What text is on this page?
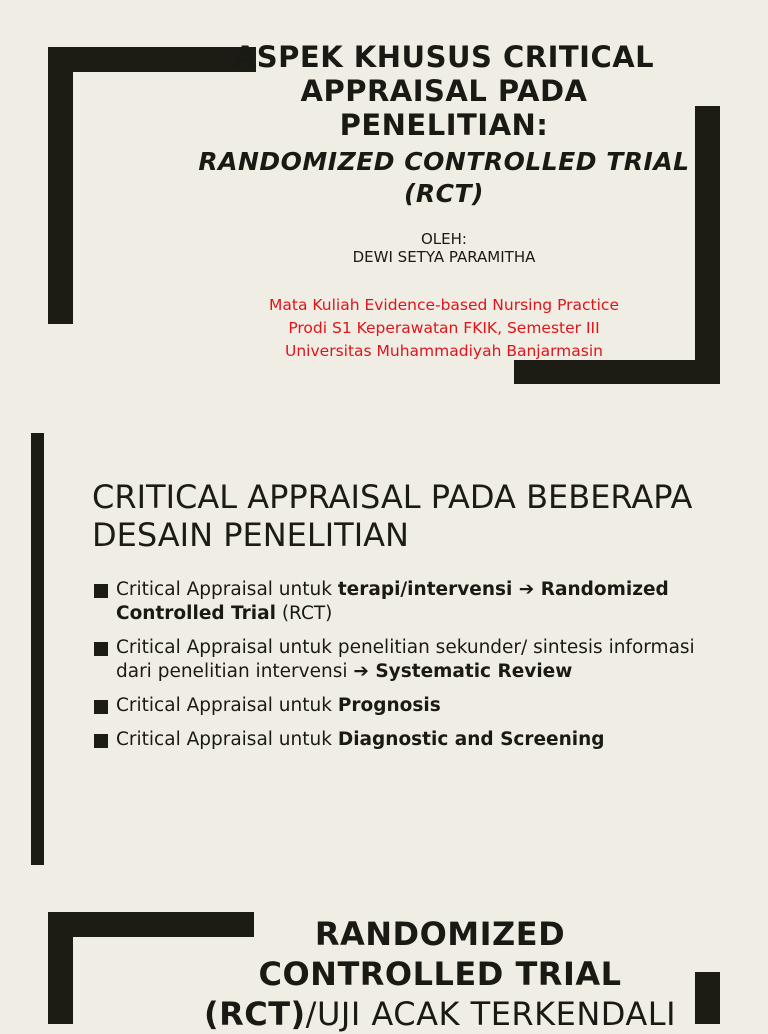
ASPEK KHUSUS CRITICAL APPRAISAL PADA PENELITIAN:
RANDOMIZED CONTROLLED TRIAL (RCT)
OLEH:
DEWI SETYA PARAMITHA
Mata Kuliah Evidence-based Nursing Practice
Prodi S1 Keperawatan FKIK, Semester III
Universitas Muhammadiyah Banjarmasin
CRITICAL APPRAISAL PADA BEBERAPA DESAIN PENELITIAN
Critical Appraisal untuk terapi/intervensi ➔ Randomized Controlled Trial (RCT)
Critical Appraisal untuk penelitian sekunder/ sintesis informasi dari penelitian intervensi ➔ Systematic Review
Critical Appraisal untuk Prognosis
Critical Appraisal untuk Diagnostic and Screening
RANDOMIZED
CONTROLLED TRIAL
(RCT)/UJI ACAK TERKENDALI
